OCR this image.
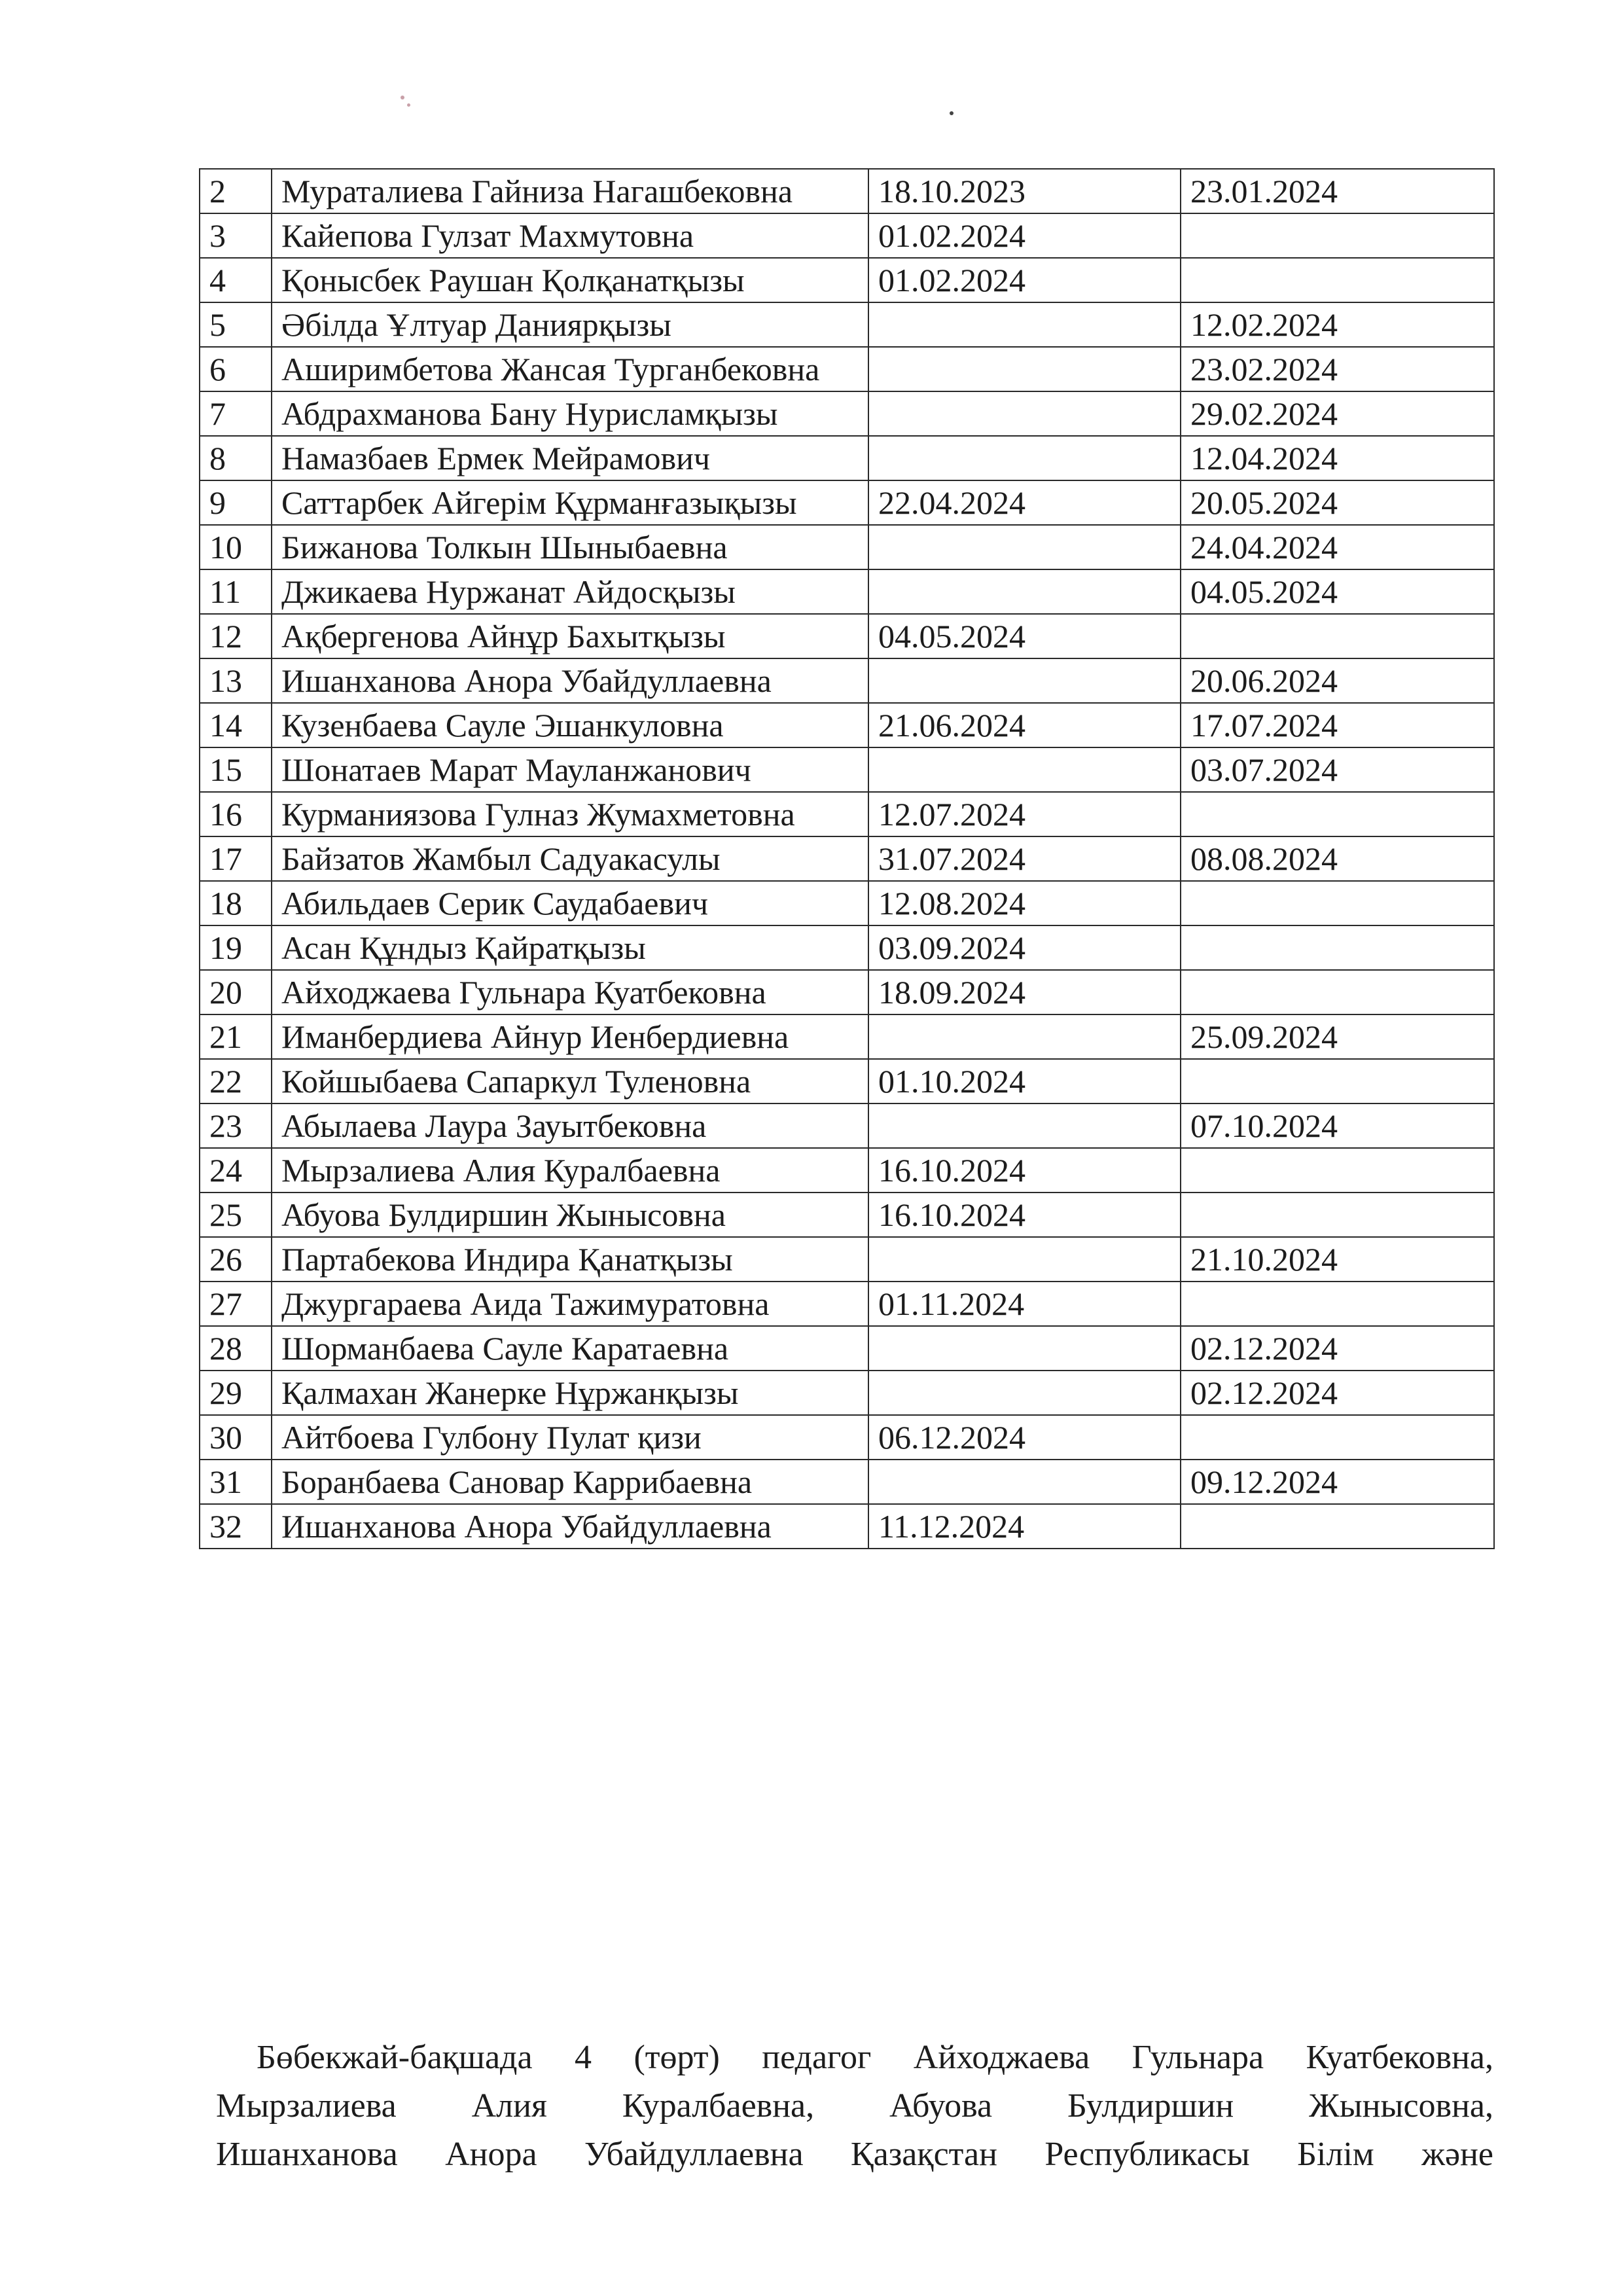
2	Мураталиева Гайниза Нагашбековна	18.10.2023	23.01.2024
3	Кайепова Гулзат Махмутовна	01.02.2024	
4	Қонысбек Раушан Қолқанатқызы	01.02.2024	
5	Әбілда Ұлтуар Даниярқызы		12.02.2024
6	Аширимбетова Жансая Турганбековна		23.02.2024
7	Абдрахманова Бану Нурисламқызы		29.02.2024
8	Намазбаев Ермек Мейрамович		12.04.2024
9	Саттарбек Айгерім Құрманғазықызы	22.04.2024	20.05.2024
10	Бижанова Толкын Шыныбаевна		24.04.2024
11	Джикаева Нуржанат Айдосқызы		04.05.2024
12	Ақбергенова Айнұр Бахытқызы	04.05.2024	
13	Ишанханова Анора Убайдуллаевна		20.06.2024
14	Кузенбаева Сауле Эшанкуловна	21.06.2024	17.07.2024
15	Шонатаев Марат Мауланжанович		03.07.2024
16	Курманиязова Гулназ Жумахметовна	12.07.2024	
17	Байзатов Жамбыл Садуакасулы	31.07.2024	08.08.2024
18	Абильдаев Серик Саудабаевич	12.08.2024	
19	Асан Құндыз Қайратқызы	03.09.2024	
20	Айходжаева Гульнара Куатбековна	18.09.2024	
21	Иманбердиева Айнур Иенбердиевна		25.09.2024
22	Койшыбаева Сапаркул Туленовна	01.10.2024	
23	Абылаева Лаура Зауытбековна		07.10.2024
24	Мырзалиева Алия Куралбаевна	16.10.2024	
25	Абуова Булдиршин Жынысовна	16.10.2024	
26	Партабекова Индира Қанатқызы		21.10.2024
27	Джургараева Аида Тажимуратовна	01.11.2024	
28	Шорманбаева Сауле Каратаевна		02.12.2024
29	Қалмахан Жанерке Нұржанқызы		02.12.2024
30	Айтбоева Гулбону Пулат қизи	06.12.2024	
31	Боранбаева Сановар Каррибаевна		09.12.2024
32	Ишанханова Анора Убайдуллаевна	11.12.2024	
Бөбекжай-бақшада 4 (төрт) педагог Айходжаева Гульнара Куатбековна,
Мырзалиева Алия Куралбаевна, Абуова Булдиршин Жынысовна,
Ишанханова Анора Убайдуллаевна Қазақстан Республикасы Білім және
